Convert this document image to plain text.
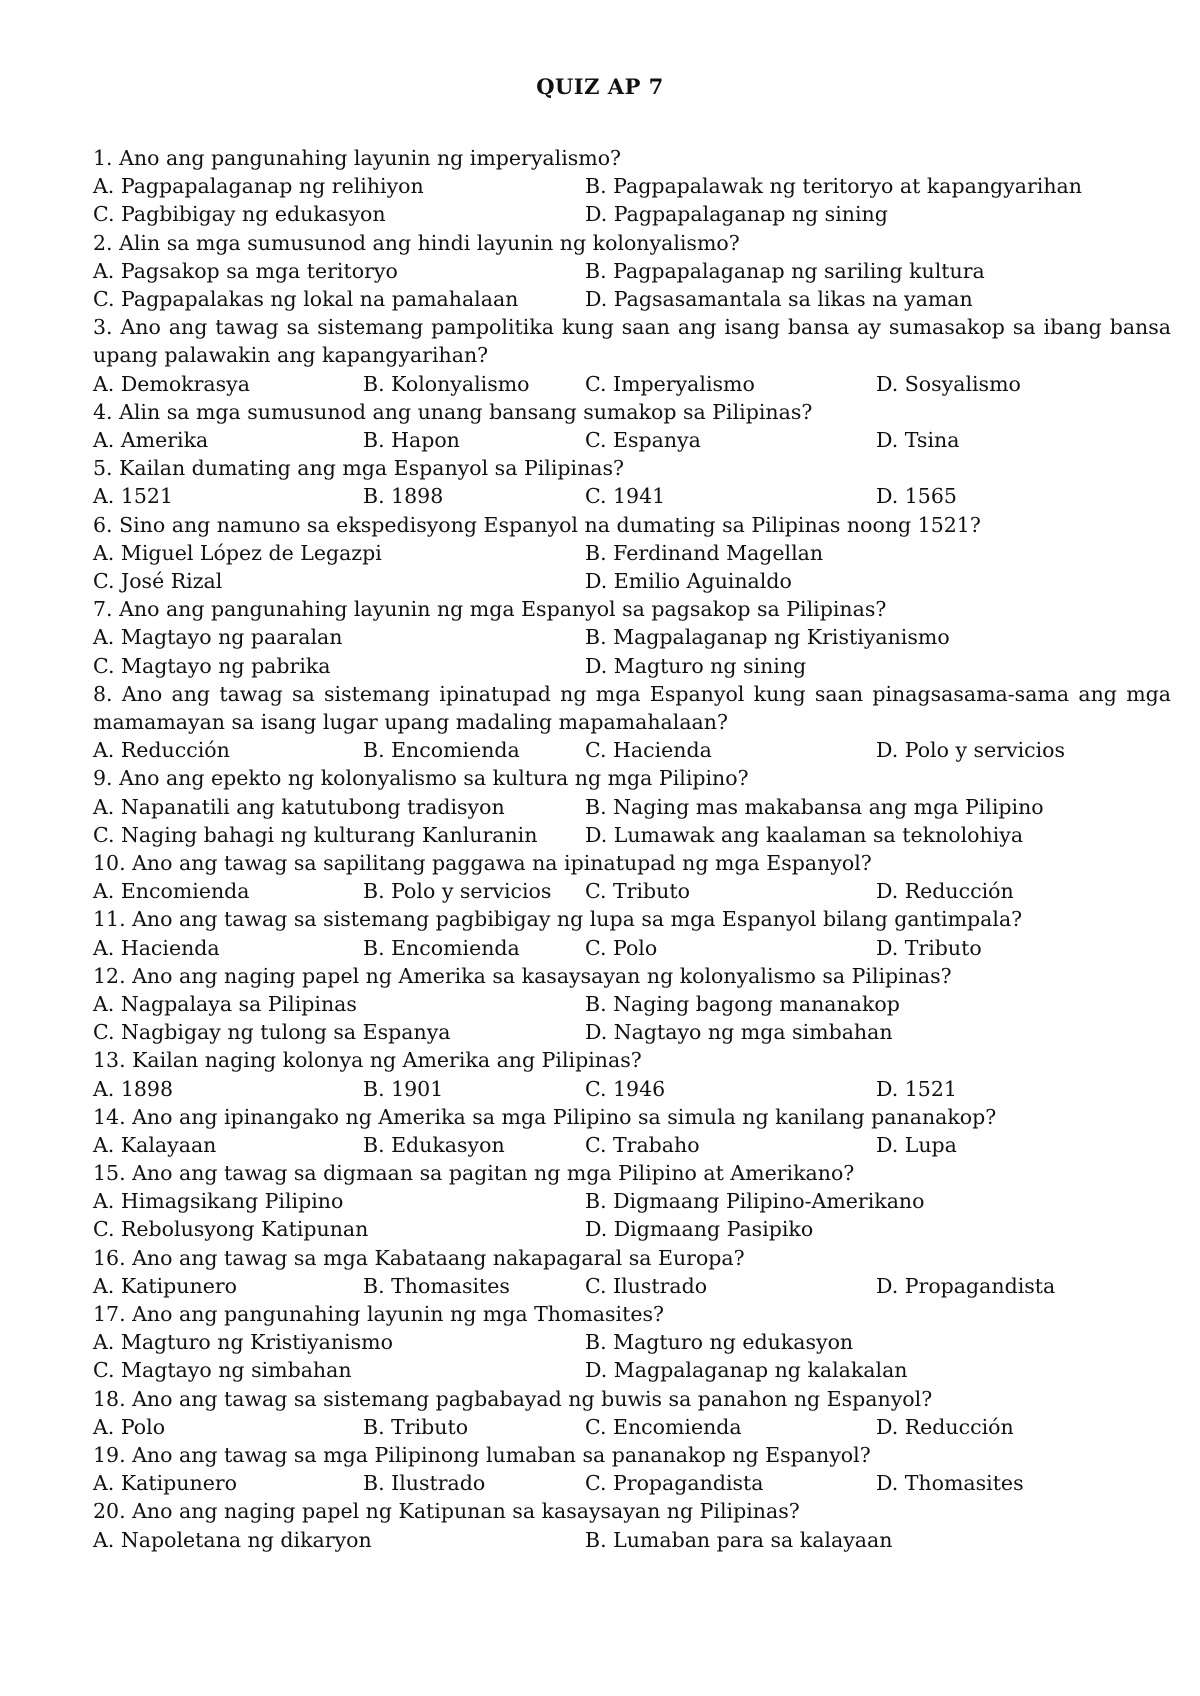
QUIZ AP 7
1. Ano ang pangunahing layunin ng imperyalismo?
A. Pagpapalaganap ng relihiyon	B. Pagpapalawak ng teritoryo at kapangyarihan
C. Pagbibigay ng edukasyon	D. Pagpapalaganap ng sining
2. Alin sa mga sumusunod ang hindi layunin ng kolonyalismo?
A. Pagsakop sa mga teritoryo	B. Pagpapalaganap ng sariling kultura
C. Pagpapalakas ng lokal na pamahalaan	D. Pagsasamantala sa likas na yaman
3. Ano ang tawag sa sistemang pampolitika kung saan ang isang bansa ay sumasakop sa ibang bansa upang palawakin ang kapangyarihan?
A. Demokrasya	B. Kolonyalismo	C. Imperyalismo	D. Sosyalismo
4. Alin sa mga sumusunod ang unang bansang sumakop sa Pilipinas?
A. Amerika	B. Hapon	C. Espanya	D. Tsina
5. Kailan dumating ang mga Espanyol sa Pilipinas?
A. 1521	B. 1898	C. 1941	D. 1565
6. Sino ang namuno sa ekspedisyong Espanyol na dumating sa Pilipinas noong 1521?
A. Miguel López de Legazpi	B. Ferdinand Magellan
C. José Rizal	D. Emilio Aguinaldo
7. Ano ang pangunahing layunin ng mga Espanyol sa pagsakop sa Pilipinas?
A. Magtayo ng paaralan	B. Magpalaganap ng Kristiyanismo
C. Magtayo ng pabrika	D. Magturo ng sining
8. Ano ang tawag sa sistemang ipinatupad ng mga Espanyol kung saan pinagsasama-sama ang mga mamamayan sa isang lugar upang madaling mapamahalaan?
A. Reducción	B. Encomienda	C. Hacienda	D. Polo y servicios
9. Ano ang epekto ng kolonyalismo sa kultura ng mga Pilipino?
A. Napanatili ang katutubong tradisyon	B. Naging mas makabansa ang mga Pilipino
C. Naging bahagi ng kulturang Kanluranin D. Lumawak ang kaalaman sa teknolohiya
10. Ano ang tawag sa sapilitang paggawa na ipinatupad ng mga Espanyol?
A. Encomienda	B. Polo y servicios C. Tributo	D. Reducción
11. Ano ang tawag sa sistemang pagbibigay ng lupa sa mga Espanyol bilang gantimpala?
A. Hacienda	B. Encomienda	C. Polo	D. Tributo
12. Ano ang naging papel ng Amerika sa kasaysayan ng kolonyalismo sa Pilipinas?
A. Nagpalaya sa Pilipinas	B. Naging bagong mananakop
C. Nagbigay ng tulong sa Espanya	D. Nagtayo ng mga simbahan
13. Kailan naging kolonya ng Amerika ang Pilipinas?
A. 1898	B. 1901	C. 1946	D. 1521
14. Ano ang ipinangako ng Amerika sa mga Pilipino sa simula ng kanilang pananakop?
A. Kalayaan	B. Edukasyon	C. Trabaho	D. Lupa
15. Ano ang tawag sa digmaan sa pagitan ng mga Pilipino at Amerikano?
A. Himagsikang Pilipino	B. Digmaang Pilipino-Amerikano
C. Rebolusyong Katipunan	D. Digmaang Pasipiko
16. Ano ang tawag sa mga Kabataang nakapagaral sa Europa?
A. Katipunero	B. Thomasites	C. Ilustrado	D. Propagandista
17. Ano ang pangunahing layunin ng mga Thomasites?
A. Magturo ng Kristiyanismo	B. Magturo ng edukasyon
C. Magtayo ng simbahan	D. Magpalaganap ng kalakalan
18. Ano ang tawag sa sistemang pagbabayad ng buwis sa panahon ng Espanyol?
A. Polo	B. Tributo	C. Encomienda	D. Reducción
19. Ano ang tawag sa mga Pilipinong lumaban sa pananakop ng Espanyol?
A. Katipunero	B. Ilustrado	C. Propagandista	D. Thomasites
20. Ano ang naging papel ng Katipunan sa kasaysayan ng Pilipinas?
A. Napoletana ng dikaryon	B. Lumaban para sa kalayaan
